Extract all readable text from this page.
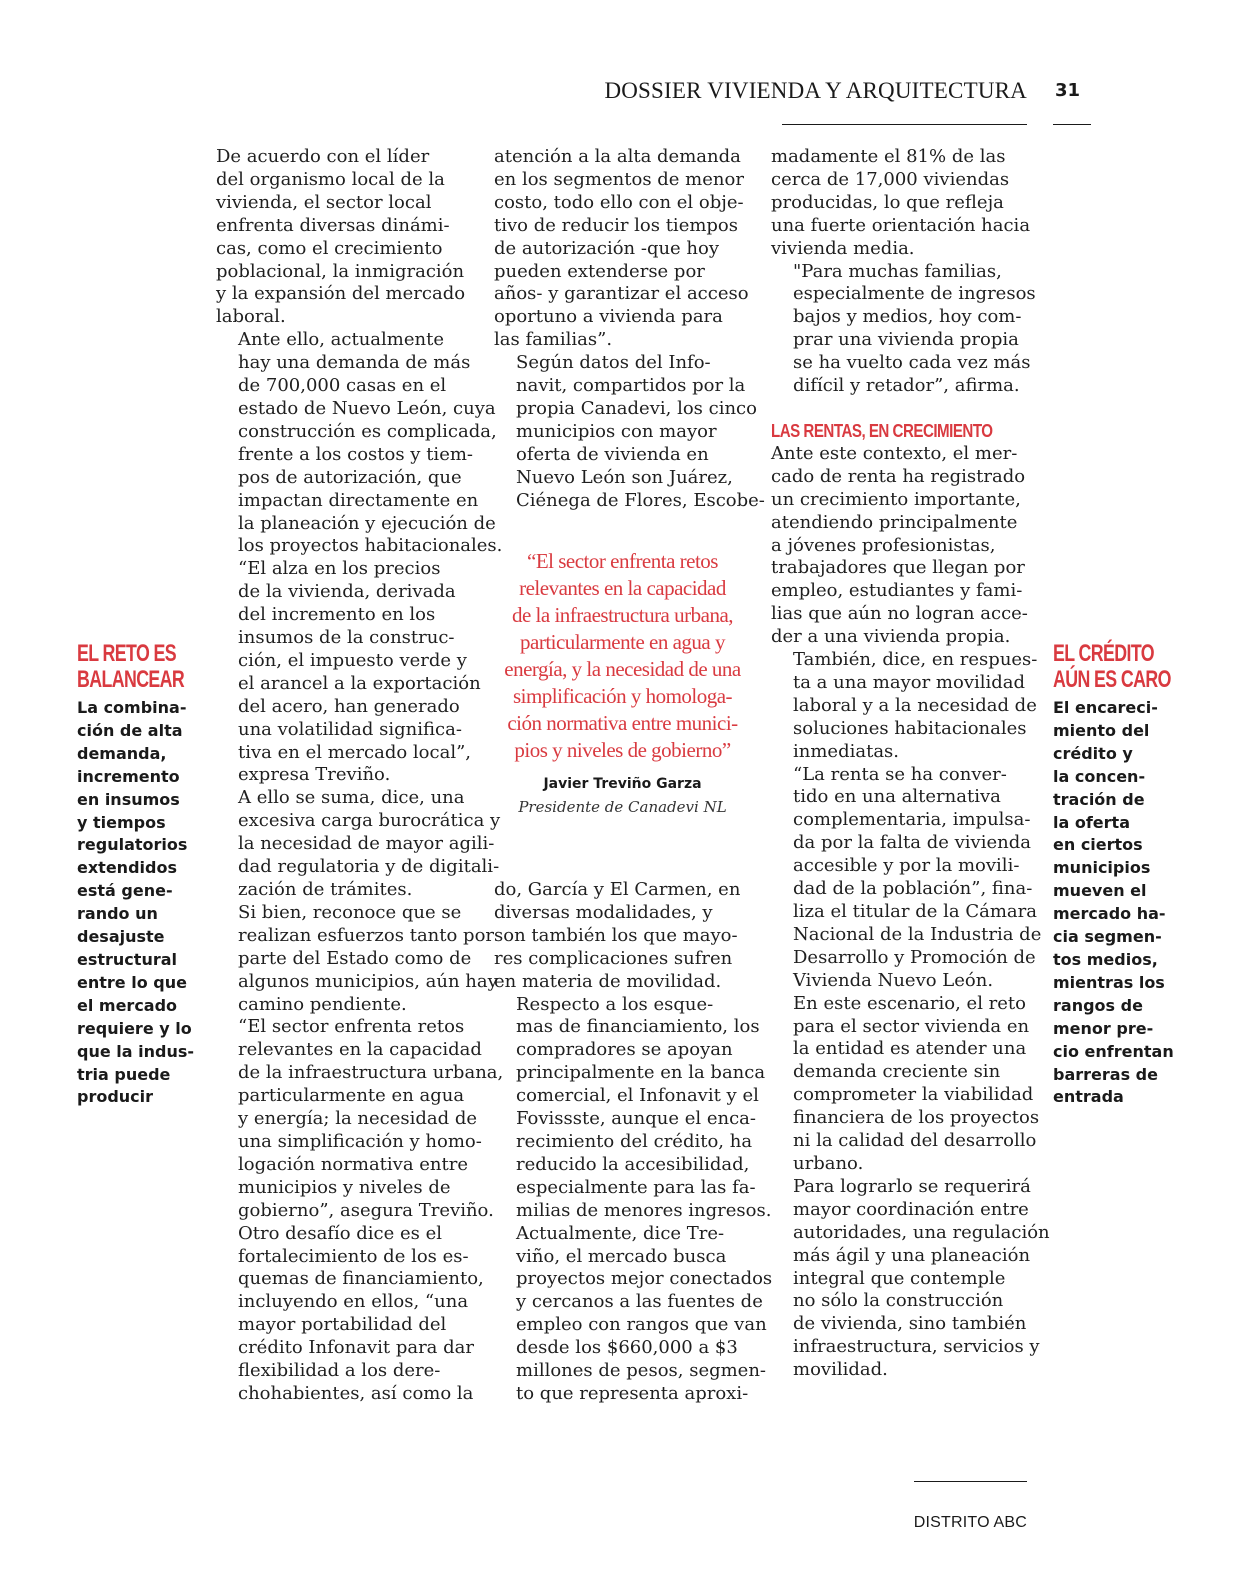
DOSSIER VIVIENDA Y ARQUITECTURA 31

De acuerdo con el líder
del organismo local de la
vivienda, el sector local
enfrenta diversas dinámi-
cas, como el crecimiento
poblacional, la inmigración
y la expansión del mercado
laboral.

Ante ello, actualmente
hay una demanda de más
de 700,000 casas en el
estado de Nuevo León, cuya
construcción es complicada,
frente a los costos y tiem-
pos de autorización, que
impactan directamente en
la planeación y ejecución de
los proyectos habitacionales.

“El alza en los precios
de la vivienda, derivada
del incremento en los
insumos de la construc-
ción, el impuesto verde y
el arancel a la exportación
del acero, han generado
una volatilidad significa-
tiva en el mercado local”,
expresa Treviño.

A ello se suma, dice, una
excesiva carga burocrática y
la necesidad de mayor agili-
dad regulatoria y de digitali-
zación de trámites.

Si bien, reconoce que se
realizan esfuerzos tanto por
parte del Estado como de
algunos municipios, aún hay
camino pendiente.

“El sector enfrenta retos
relevantes en la capacidad
de la infraestructura urbana,
particularmente en agua
y energía; la necesidad de
una simplificación y homo-
logación normativa entre
municipios y niveles de
gobierno”, asegura Treviño.

Otro desafío dice es el
fortalecimiento de los es-
quemas de financiamiento,
incluyendo en ellos, “una
mayor portabilidad del
crédito Infonavit para dar
flexibilidad a los dere-
chohabientes, así como la

atención a la alta demanda
en los segmentos de menor
costo, todo ello con el obje-
tivo de reducir los tiempos
de autorización -que hoy
pueden extenderse por
años- y garantizar el acceso
oportuno a vivienda para
las familias”.

Según datos del Info-
navit, compartidos por la
propia Canadevi, los cinco
municipios con mayor
oferta de vivienda en
Nuevo León son Juárez,
Ciénega de Flores, Escobe-

“El sector enfrenta retos
relevantes en la capacidad
de la infraestructura urbana,
particularmente en agua y
energía, y la necesidad de una
simplificación y homologa-
ción normativa entre munici-
pios y niveles de gobierno”
Javier Treviño Garza
Presidente de Canadevi NL

do, García y El Carmen, en
diversas modalidades, y
son también los que mayo-
res complicaciones sufren
en materia de movilidad.

Respecto a los esque-
mas de financiamiento, los
compradores se apoyan
principalmente en la banca
comercial, el Infonavit y el
Fovissste, aunque el enca-
recimiento del crédito, ha
reducido la accesibilidad,
especialmente para las fa-
milias de menores ingresos.

Actualmente, dice Tre-
viño, el mercado busca
proyectos mejor conectados
y cercanos a las fuentes de
empleo con rangos que van
desde los $660,000 a $3
millones de pesos, segmen-
to que representa aproxi-

madamente el 81% de las
cerca de 17,000 viviendas
producidas, lo que refleja
una fuerte orientación hacia
vivienda media.

"Para muchas familias,
especialmente de ingresos
bajos y medios, hoy com-
prar una vivienda propia
se ha vuelto cada vez más
difícil y retador”, afirma.

LAS RENTAS, EN CRECIMIENTO

Ante este contexto, el mer-
cado de renta ha registrado
un crecimiento importante,
atendiendo principalmente
a jóvenes profesionistas,
trabajadores que llegan por
empleo, estudiantes y fami-
lias que aún no logran acce-
der a una vivienda propia.

También, dice, en respues-
ta a una mayor movilidad
laboral y a la necesidad de
soluciones habitacionales
inmediatas.

“La renta se ha conver-
tido en una alternativa
complementaria, impulsa-
da por la falta de vivienda
accesible y por la movili-
dad de la población”, fina-
liza el titular de la Cámara
Nacional de la Industria de
Desarrollo y Promoción de
Vivienda Nuevo León.

En este escenario, el reto
para el sector vivienda en
la entidad es atender una
demanda creciente sin
comprometer la viabilidad
financiera de los proyectos
ni la calidad del desarrollo
urbano.

Para lograrlo se requerirá
mayor coordinación entre
autoridades, una regulación
más ágil y una planeación
integral que contemple
no sólo la construcción
de vivienda, sino también
infraestructura, servicios y
movilidad.

EL RETO ES
BALANCEAR
La combina-
ción de alta
demanda,
incremento
en insumos
y tiempos
regulatorios
extendidos
está gene-
rando un
desajuste
estructural
entre lo que
el mercado
requiere y lo
que la indus-
tria puede
producir
EL CRÉDITO
AÚN ES CARO
El encareci-
miento del
crédito y
la concen-
tración de
la oferta
en ciertos
municipios
mueven el
mercado ha-
cia segmen-
tos medios,
mientras los
rangos de
menor pre-
cio enfrentan
barreras de
entrada
DISTRITO ABC
